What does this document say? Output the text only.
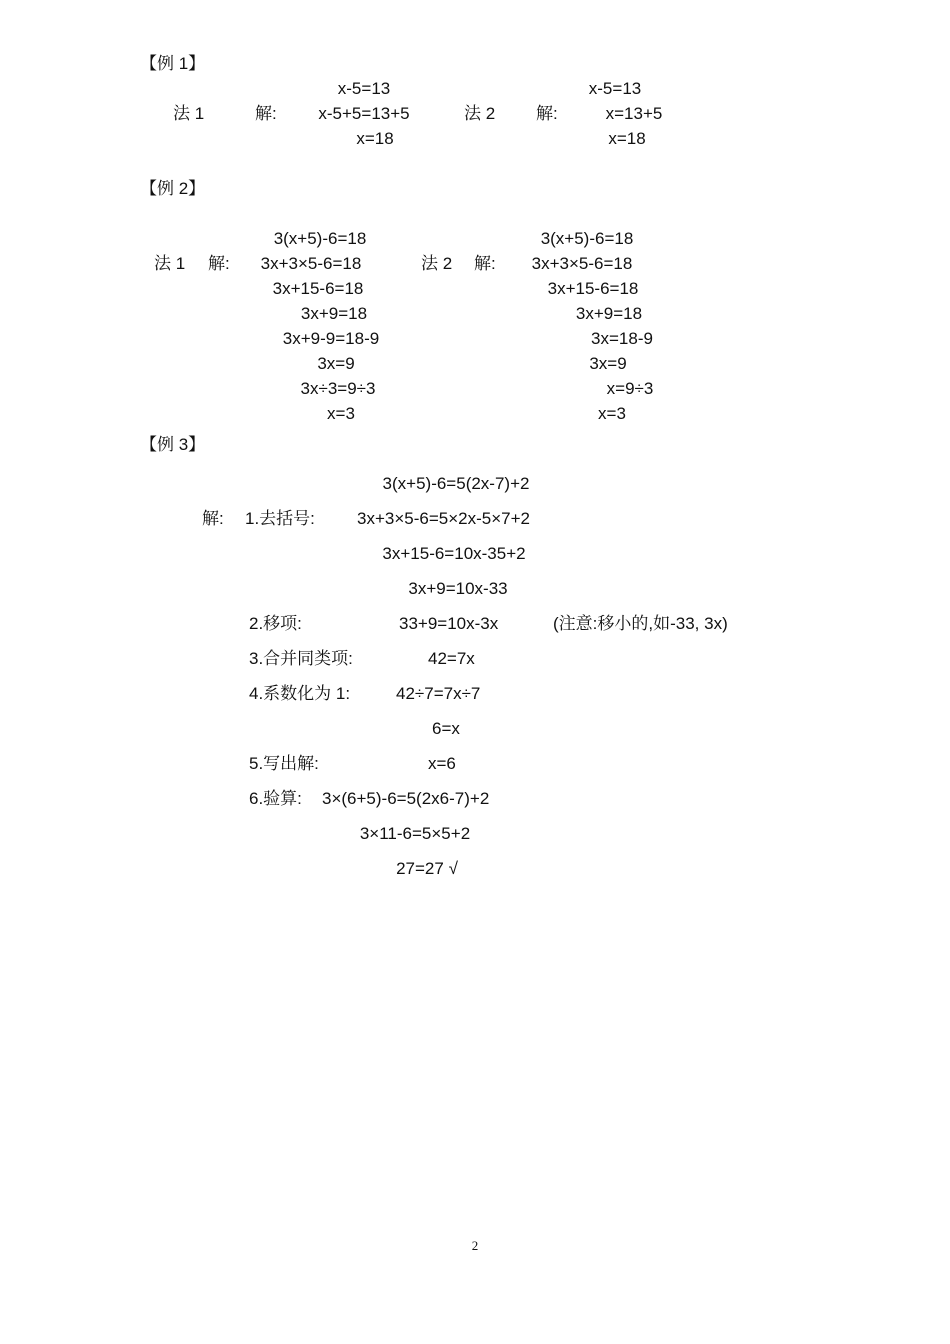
【例 1】
法 1	解:
x-5=13
x-5+5=13+5
x=18
法 2 解:
x-5=13
x=13+5
x=18
【例 2】
法 1 解:
3(x+5)-6=18
3x+3×5-6=18
3x+15-6=18
3x+9=18
3x+9-9=18-9
3x=9
3x÷3=9÷3
x=3
法 2 解:
3(x+5)-6=18
3x+3×5-6=18
3x+15-6=18
3x+9=18
3x=18-9
3x=9
x=9÷3
x=3
【例 3】
3(x+5)-6=5(2x-7)+2
解: 1.去括号: 3x+3×5-6=5×2x-5×7+2
3x+15-6=10x-35+2
3x+9=10x-33
2.移项:	33+9=10x-3x	(注意:移小的,如-33, 3x)
3.合并同类项:	42=7x
4.系数化为 1:	42÷7=7x÷7
6=x
5.写出解:	x=6
6.验算: 3×(6+5)-6=5(2x6-7)+2
3×11-6=5×5+2
27=27 √
2
